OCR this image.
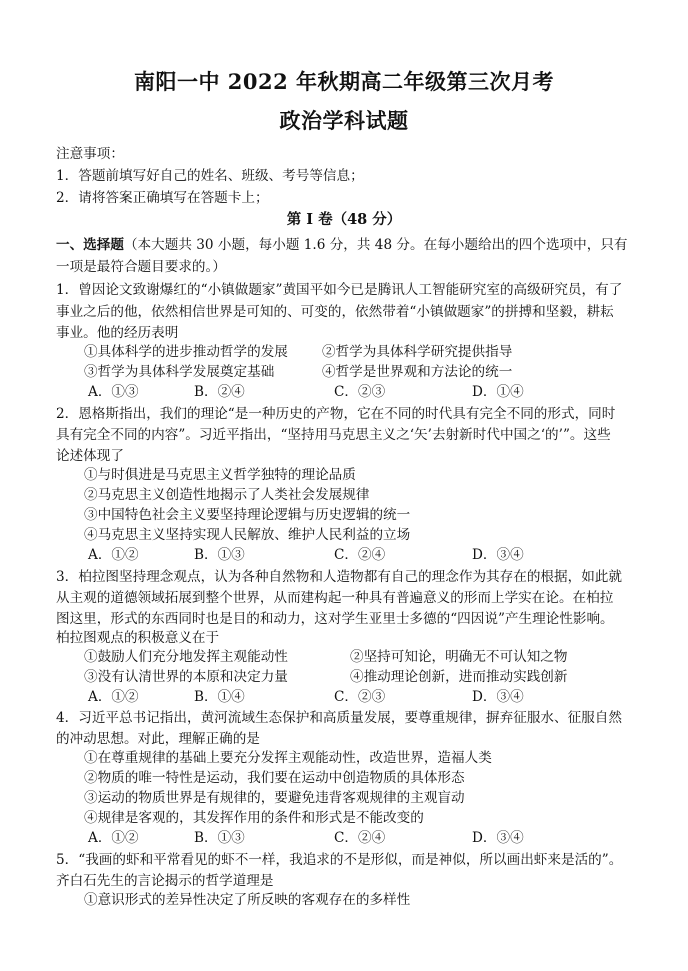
南阳一中 2022 年秋期高二年级第三次月考
政治学科试题
注意事项：
1．答题前填写好自己的姓名、班级、考号等信息；
2．请将答案正确填写在答题卡上；
第 I 卷（48 分）
一、选择题（本大题共 30 小题，每小题 1.6 分，共 48 分。在每小题给出的四个选项中，只有
一项是最符合题目要求的。）
1．曾因论文致谢爆红的“小镇做题家”黄国平如今已是腾讯人工智能研究室的高级研究员，有了
事业之后的他，依然相信世界是可知的、可变的，依然带着“小镇做题家”的拼搏和坚毅，耕耘
事业。他的经历表明
①具体科学的进步推动哲学的发展	②哲学为具体科学研究提供指导
③哲学为具体科学发展奠定基础	④哲学是世界观和方法论的统一
A．①③	B．②④	C．②③	D．①④
2．恩格斯指出，我们的理论“是一种历史的产物，它在不同的时代具有完全不同的形式，同时
具有完全不同的内容”。习近平指出，“坚持用马克思主义之‘矢’去射新时代中国之‘的’”。这些
论述体现了
①与时俱进是马克思主义哲学独特的理论品质
②马克思主义创造性地揭示了人类社会发展规律
③中国特色社会主义要坚持理论逻辑与历史逻辑的统一
④马克思主义坚持实现人民解放、维护人民利益的立场
A．①②	B．①③	C．②④	D．③④
3．柏拉图坚持理念观点，认为各种自然物和人造物都有自己的理念作为其存在的根据，如此就
从主观的道德领域拓展到整个世界，从而建构起一种具有普遍意义的形而上学实在论。在柏拉
图这里，形式的东西同时也是目的和动力，这对学生亚里士多德的“四因说”产生理论性影响。
柏拉图观点的积极意义在于
①鼓励人们充分地发挥主观能动性	②坚持可知论，明确无不可认知之物
③没有认清世界的本原和决定力量	④推动理论创新，进而推动实践创新
A．①②	B．①④	C．②③	D．③④
4．习近平总书记指出，黄河流域生态保护和高质量发展，要尊重规律，摒弃征服水、征服自然
的冲动思想。对此，理解正确的是
①在尊重规律的基础上要充分发挥主观能动性，改造世界，造福人类
②物质的唯一特性是运动，我们要在运动中创造物质的具体形态
③运动的物质世界是有规律的，要避免违背客观规律的主观盲动
④规律是客观的，其发挥作用的条件和形式是不能改变的
A．①②	B．①③	C．②④	D．③④
5．“我画的虾和平常看见的虾不一样，我追求的不是形似，而是神似，所以画出虾来是活的”。
齐白石先生的言论揭示的哲学道理是
①意识形式的差异性决定了所反映的客观存在的多样性
